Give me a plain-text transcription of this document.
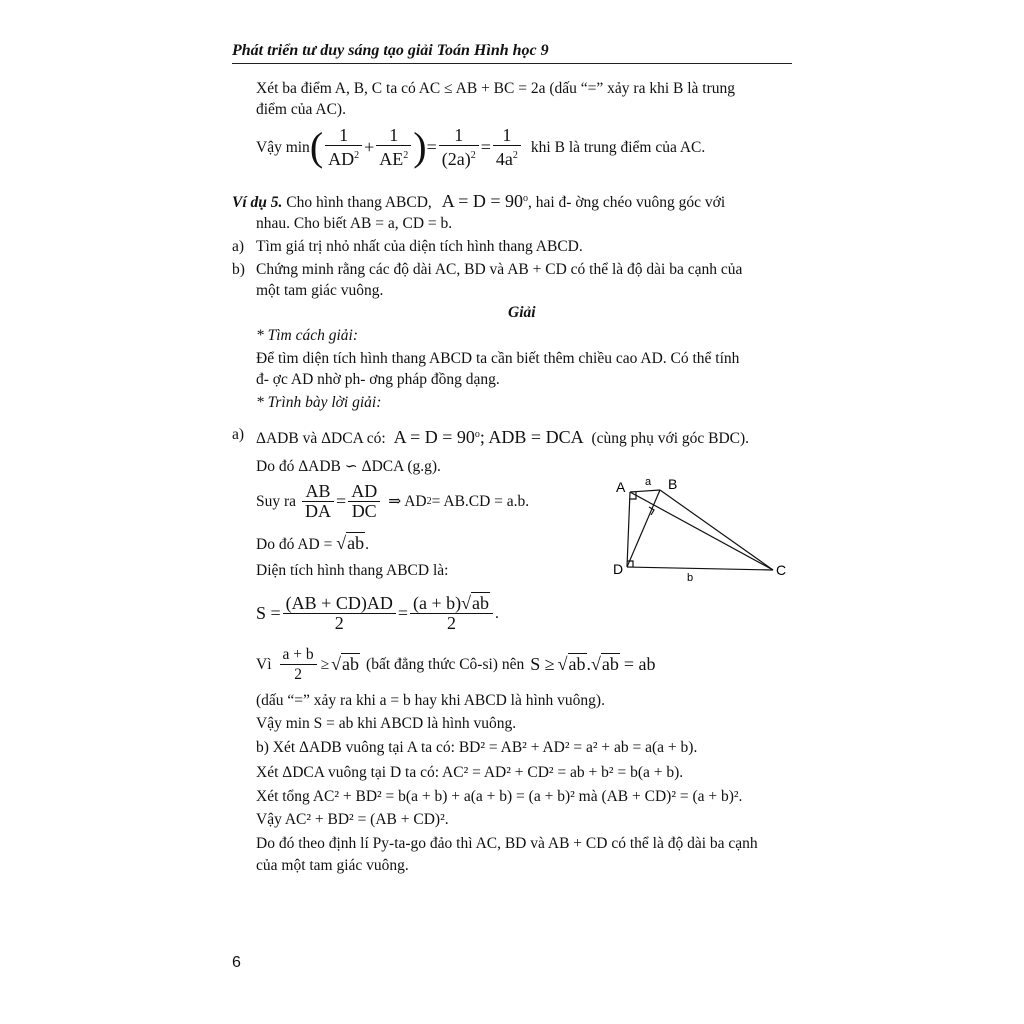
Phát triển tư duy sáng tạo giải Toán Hình học 9
Xét ba điểm A, B, C ta có AC ≤ AB + BC = 2a (dấu “=” xảy ra khi B là trung
điểm của AC).
Vậy min ( $\frac{1}{AD^2} + \frac{1}{AE^2}$ ) = $\frac{1}{(2a)^2} = \frac{1}{4a^2}$ khi B là trung điểm của AC.
Ví dụ 5. Cho hình thang ABCD, $A = D = 90^o$, hai đ- ờng chéo vuông góc với
nhau. Cho biết AB = a, CD = b.
a) Tìm giá trị nhỏ nhất của diện tích hình thang ABCD.
b) Chứng minh rằng các độ dài AC, BD và AB + CD có thể là độ dài ba cạnh của
một tam giác vuông.
Giải
* Tìm cách giải:
Để tìm diện tích hình thang ABCD ta cần biết thêm chiều cao AD. Có thể tính
đ- ợc AD nhờ ph- ơng pháp đồng dạng.
* Trình bày lời giải:
a) ΔADB và ΔDCA có: $A = D = 90^o$; ADB = DCA (cùng phụ với góc BDC).
Do đó ΔADB ∽ ΔDCA (g.g).
Suy ra $\frac{AB}{DA} = \frac{AD}{DC}$ ⇒ AD 2 = AB.CD = a.b.
Do đó AD = √ab.
Diện tích hình thang ABCD là:
$S = \frac{(AB + CD)AD}{2} = \frac{(a + b)√ab}{2}$ .
Vì $\frac{a + b}{2}$ ≥ √ ab (bất đẳng thức Cô-si) nên S ≥ √ ab . √ ab = ab
(dấu “=” xảy ra khi a = b hay khi ABCD là hình vuông).
Vậy min S = ab khi ABCD là hình vuông.
b) Xét ΔADB vuông tại A ta có: BD² = AB² + AD² = a² + ab = a(a + b).
Xét ΔDCA vuông tại D ta có: AC² = AD² + CD² = ab + b² = b(a + b).
Xét tổng AC² + BD² = b(a + b) + a(a + b) = (a + b)² mà (AB + CD)² = (a + b)².
Vậy AC² + BD² = (AB + CD)².
Do đó theo định lí Py-ta-go đảo thì AC, BD và AB + CD có thể là độ dài ba cạnh
của một tam giác vuông.
A	B
C
D
a
b
6
